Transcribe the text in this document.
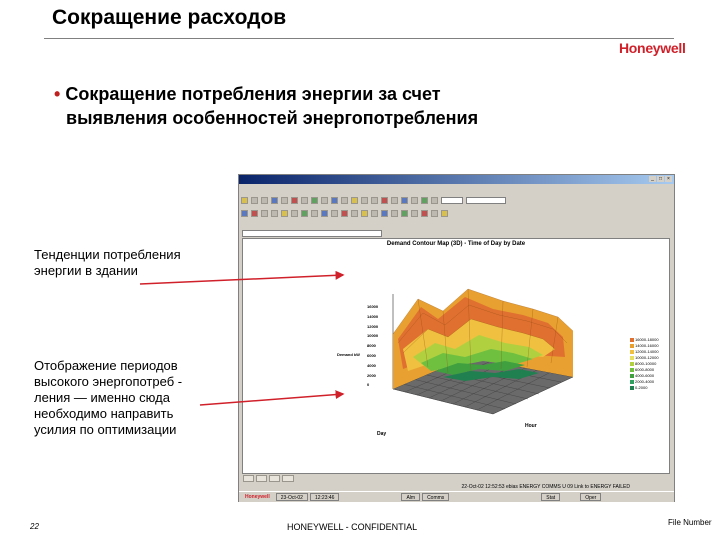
Сокращение расходов
Honeywell
• Сокращение потребления энергии за счет
выявления особенностей энергопотребления
_	□	×
Demand Contour Map (3D) - Time of Day by Date
Demand kW
16000
14000
12000
10000
8000
6000
4000
2000
0
Day
Hour
16000-18000
14000-16000
12000-14000
10000-12000
8000-10000
6000-8000
4000-6000
2000-4000
0-2000

22-Oct-02 12:52:53 ebias ENERGY COMMS U 09 Link to ENERGY FAILED
Honeywell	23-Oct-02	12:23:46	Alm	Comms	Stat	Oper
Тенденции потребления энергии в здании
Отображение периодов высокого энергопотреб - ления — именно сюда необходимо направить усилия по оптимизации
22	HONEYWELL - CONFIDENTIAL	File Number
